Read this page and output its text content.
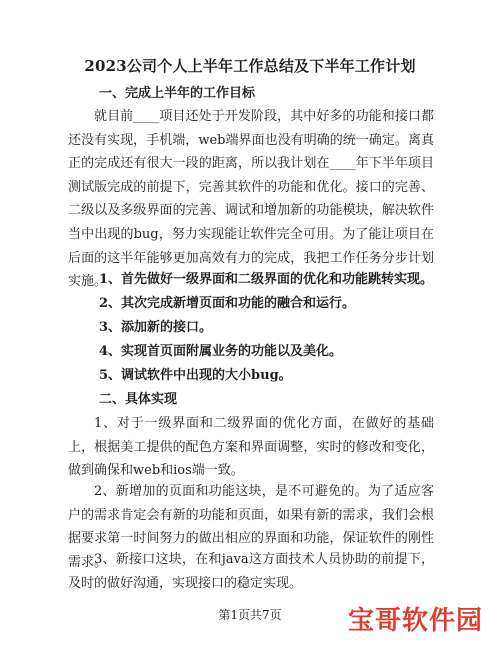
2023公司个人上半年工作总结及下半年工作计划
一、完成上半年的工作目标
就目前____项目还处于开发阶段，其中好多的功能和接口都还没有实现，手机端，web端界面也没有明确的统一确定。离真正的完成还有很大一段的距离，所以我计划在____年下半年项目测试版完成的前提下，完善其软件的功能和优化。接口的完善、二级以及多级界面的完善、调试和增加新的功能模块，解决软件当中出现的bug，努力实现能让软件完全可用。为了能让项目在后面的这半年能够更加高效有力的完成，我把工作任务分步计划实施。
1、首先做好一级界面和二级界面的优化和功能跳转实现。
2、其次完成新增页面和功能的融合和运行。
3、添加新的接口。
4、实现首页面附属业务的功能以及美化。
5、调试软件中出现的大小bug。
二、具体实现
1、对于一级界面和二级界面的优化方面，在做好的基础上，根据美工提供的配色方案和界面调整，实时的修改和变化，做到确保和web和ios端一致。
2、新增加的页面和功能这块，是不可避免的。为了适应客户的需求肯定会有新的功能和页面，如果有新的需求，我们会根据要求第一时间努力的做出相应的界面和功能，保证软件的刚性需求。
3、新接口这块，在和java这方面技术人员协助的前提下，及时的做好沟通，实现接口的稳定实现。
第1页共7页	宝哥软件园
